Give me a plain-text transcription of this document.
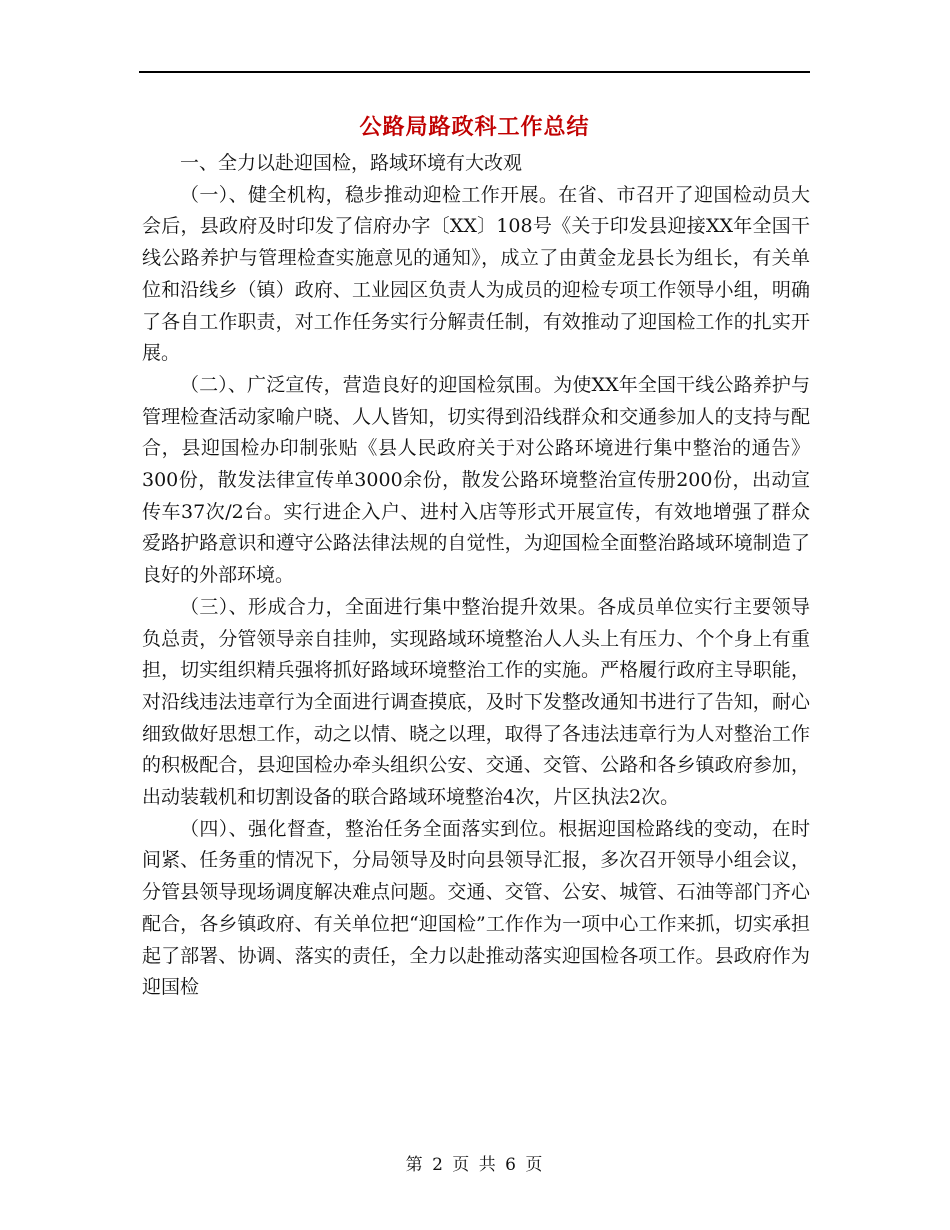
公路局路政科工作总结

一、全力以赴迎国检，路域环境有大改观

（一）、健全机构，稳步推动迎检工作开展。在省、市召开了迎国检动员大会后，县政府及时印发了信府办字〔XX〕108号《关于印发县迎接XX年全国干线公路养护与管理检查实施意见的通知》，成立了由黄金龙县长为组长，有关单位和沿线乡（镇）政府、工业园区负责人为成员的迎检专项工作领导小组，明确了各自工作职责，对工作任务实行分解责任制，有效推动了迎国检工作的扎实开展。

（二）、广泛宣传，营造良好的迎国检氛围。为使XX年全国干线公路养护与管理检查活动家喻户晓、人人皆知，切实得到沿线群众和交通参加人的支持与配合，县迎国检办印制张贴《县人民政府关于对公路环境进行集中整治的通告》300份，散发法律宣传单3000余份，散发公路环境整治宣传册200份，出动宣传车37次/2台。实行进企入户、进村入店等形式开展宣传，有效地增强了群众爱路护路意识和遵守公路法律法规的自觉性，为迎国检全面整治路域环境制造了良好的外部环境。

（三）、形成合力，全面进行集中整治提升效果。各成员单位实行主要领导负总责，分管领导亲自挂帅，实现路域环境整治人人头上有压力、个个身上有重担，切实组织精兵强将抓好路域环境整治工作的实施。严格履行政府主导职能，对沿线违法违章行为全面进行调查摸底，及时下发整改通知书进行了告知，耐心细致做好思想工作，动之以情、晓之以理，取得了各违法违章行为人对整治工作的积极配合，县迎国检办牵头组织公安、交通、交管、公路和各乡镇政府参加，出动装载机和切割设备的联合路域环境整治4次，片区执法2次。

（四）、强化督查，整治任务全面落实到位。根据迎国检路线的变动，在时间紧、任务重的情况下，分局领导及时向县领导汇报，多次召开领导小组会议，分管县领导现场调度解决难点问题。交通、交管、公安、城管、石油等部门齐心配合，各乡镇政府、有关单位把“迎国检”工作作为一项中心工作来抓，切实承担起了部署、协调、落实的责任，全力以赴推动落实迎国检各项工作。县政府作为迎国检

第 2 页 共 6 页
